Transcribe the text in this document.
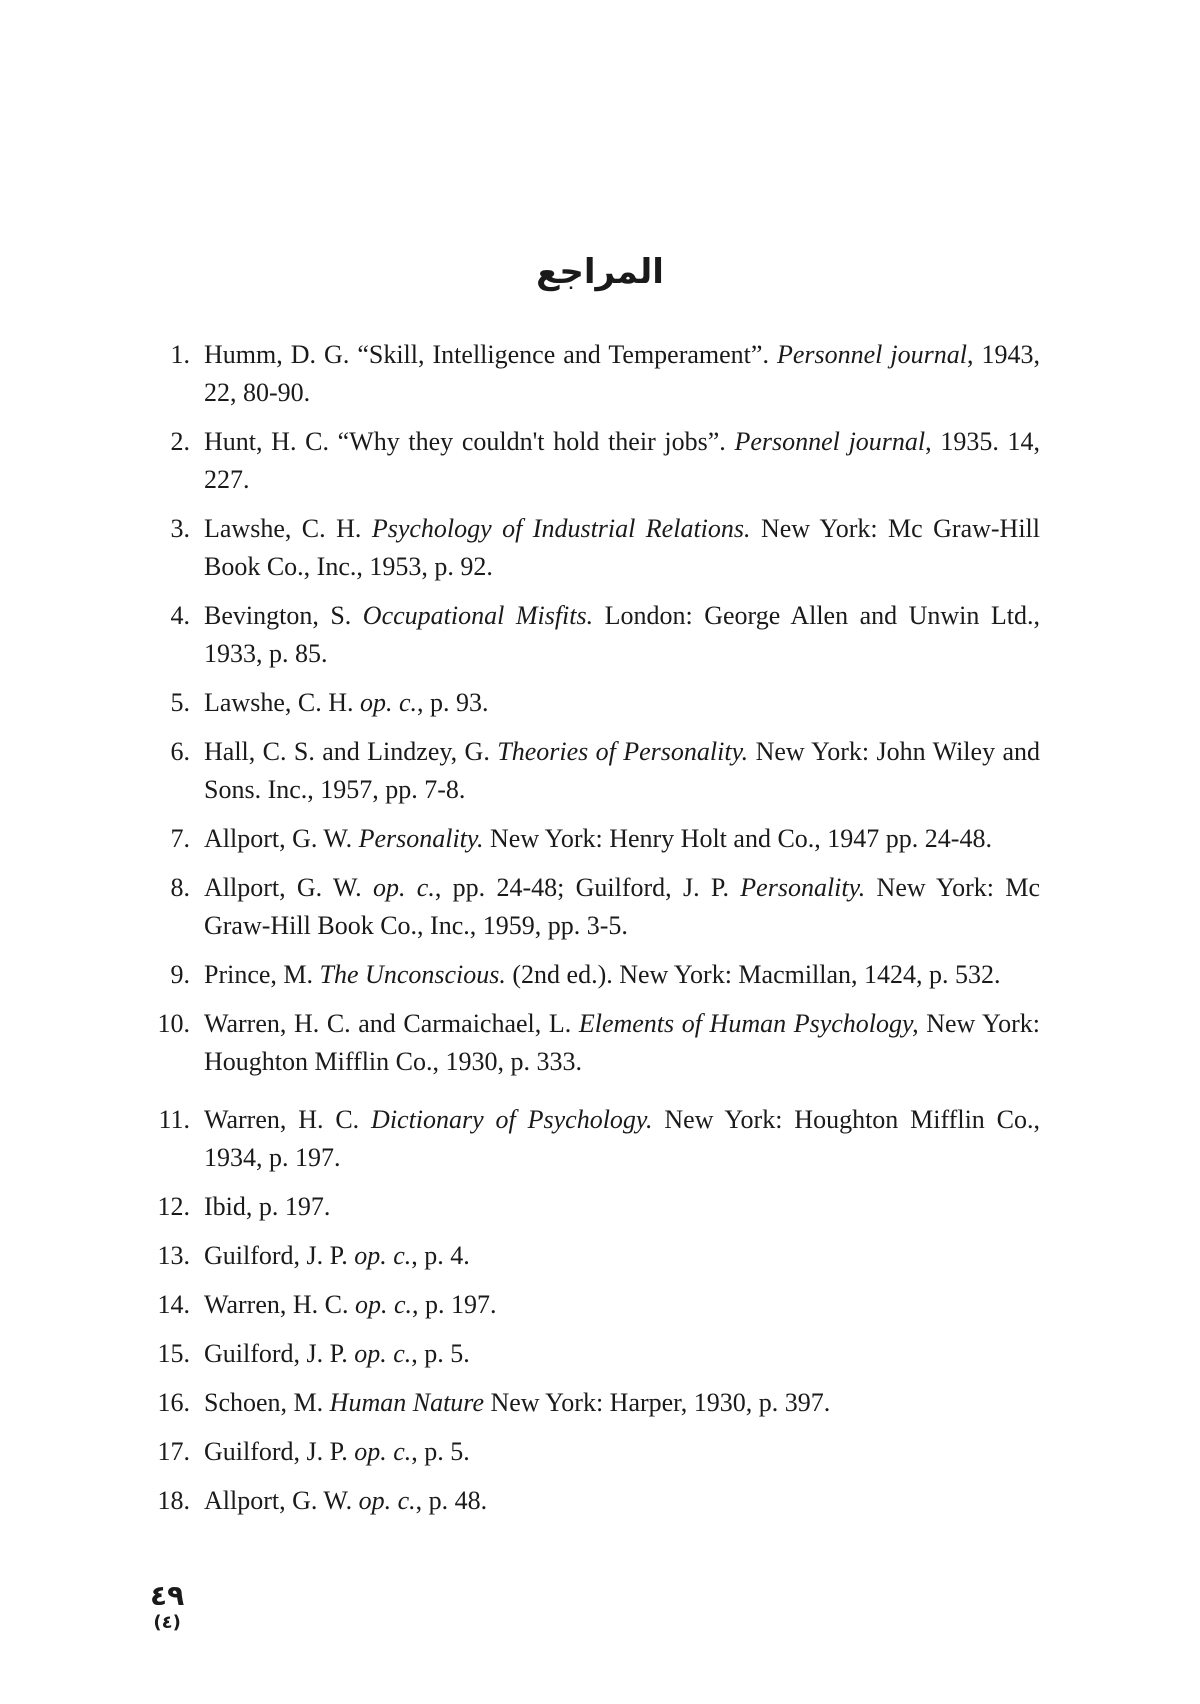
المراجع
1. Humm, D. G. “Skill, Intelligence and Temperament”. Personnel journal, 1943, 22, 80-90.
2. Hunt, H. C. “Why they couldn't hold their jobs”. Personnel journal, 1935. 14, 227.
3. Lawshe, C. H. Psychology of Industrial Relations. New York: Mc Graw-Hill Book Co., Inc., 1953, p. 92.
4. Bevington, S. Occupational Misfits. London: George Allen and Unwin Ltd., 1933, p. 85.
5. Lawshe, C. H. op. c., p. 93.
6. Hall, C. S. and Lindzey, G. Theories of Personality. New York: John Wiley and Sons. Inc., 1957, pp. 7-8.
7. Allport, G. W. Personality. New York: Henry Holt and Co., 1947 pp. 24-48.
8. Allport, G. W. op. c., pp. 24-48; Guilford, J. P. Personality. New York: Mc Graw-Hill Book Co., Inc., 1959, pp. 3-5.
9. Prince, M. The Unconscious. (2nd ed.). New York: Macmillan, 1424, p. 532.
10. Warren, H. C. and Carmaichael, L. Elements of Human Psychology, New York: Houghton Mifflin Co., 1930, p. 333.
11. Warren, H. C. Dictionary of Psychology. New York: Houghton Mifflin Co., 1934, p. 197.
12. Ibid, p. 197.
13. Guilford, J. P. op. c., p. 4.
14. Warren, H. C. op. c., p. 197.
15. Guilford, J. P. op. c., p. 5.
16. Schoen, M. Human Nature New York: Harper, 1930, p. 397.
17. Guilford, J. P. op. c., p. 5.
18. Allport, G. W. op. c., p. 48.
٤٩
(٤)
